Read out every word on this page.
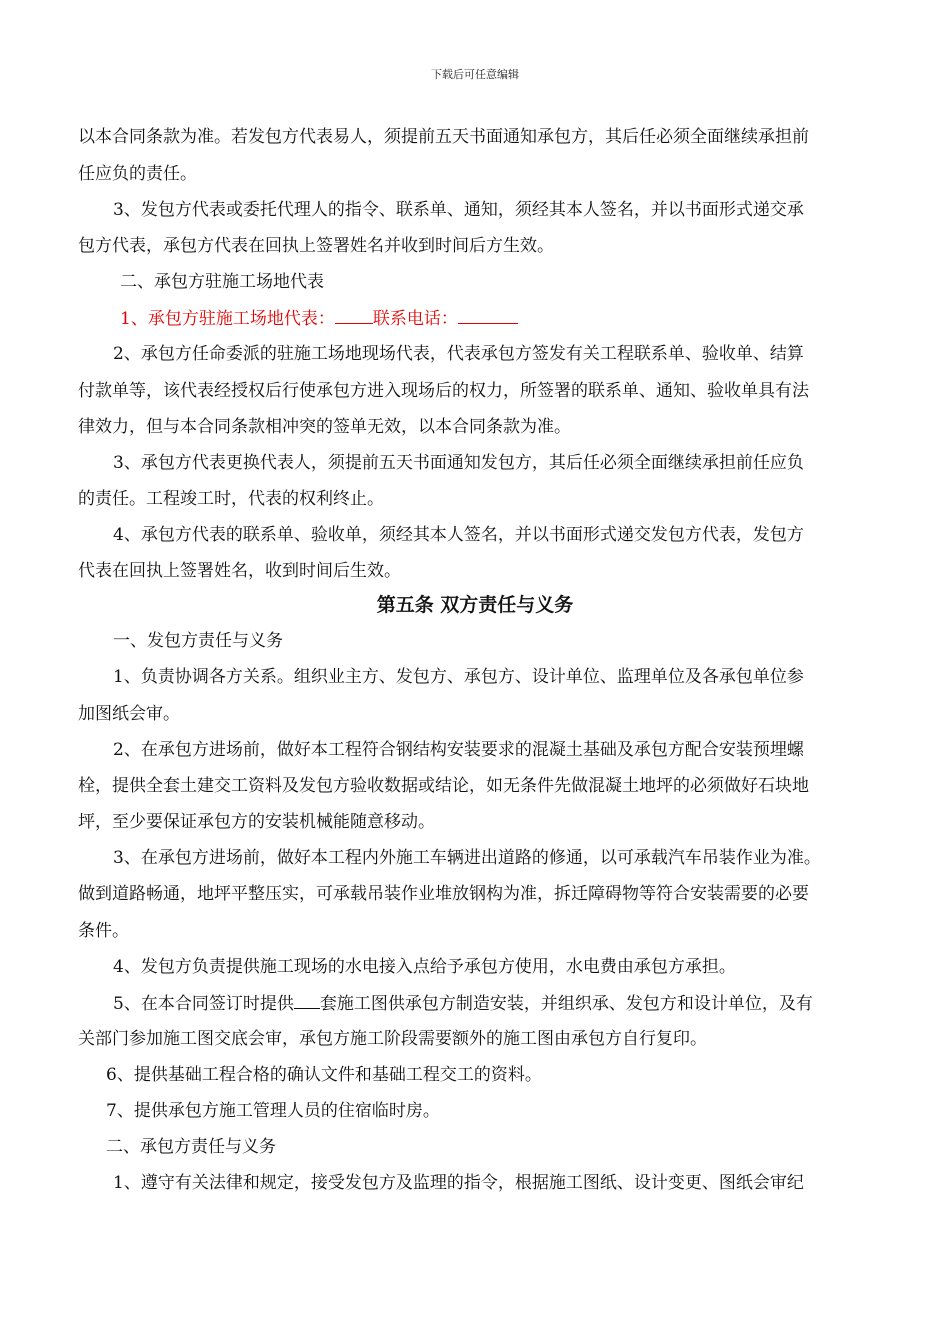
下载后可任意编辑
以本合同条款为准。若发包方代表易人，须提前五天书面通知承包方，其后任必须全面继续承担前
任应负的责任。
3、发包方代表或委托代理人的指令、联系单、通知，须经其本人签名，并以书面形式递交承
包方代表，承包方代表在回执上签署姓名并收到时间后方生效。
二、承包方驻施工场地代表
1、承包方驻施工场地代表： 联系电话：
2、承包方任命委派的驻施工场地现场代表，代表承包方签发有关工程联系单、验收单、结算
付款单等，该代表经授权后行使承包方进入现场后的权力，所签署的联系单、通知、验收单具有法
律效力，但与本合同条款相冲突的签单无效，以本合同条款为准。
3、承包方代表更换代表人，须提前五天书面通知发包方，其后任必须全面继续承担前任应负
的责任。工程竣工时，代表的权利终止。
4、承包方代表的联系单、验收单，须经其本人签名，并以书面形式递交发包方代表，发包方
代表在回执上签署姓名，收到时间后生效。
第五条 双方责任与义务
一、发包方责任与义务
1、负责协调各方关系。组织业主方、发包方、承包方、设计单位、监理单位及各承包单位参
加图纸会审。
2、在承包方进场前，做好本工程符合钢结构安装要求的混凝土基础及承包方配合安装预埋螺
栓，提供全套土建交工资料及发包方验收数据或结论，如无条件先做混凝土地坪的必须做好石块地
坪，至少要保证承包方的安装机械能随意移动。
3、在承包方进场前，做好本工程内外施工车辆进出道路的修通，以可承载汽车吊装作业为准。
做到道路畅通，地坪平整压实，可承载吊装作业堆放钢构为准，拆迁障碍物等符合安装需要的必要
条件。
4、发包方负责提供施工现场的水电接入点给予承包方使用，水电费由承包方承担。
5、在本合同签订时提供 套施工图供承包方制造安装，并组织承、发包方和设计单位，及有
关部门参加施工图交底会审，承包方施工阶段需要额外的施工图由承包方自行复印。
6、提供基础工程合格的确认文件和基础工程交工的资料。
7、提供承包方施工管理人员的住宿临时房。
二、承包方责任与义务
1、遵守有关法律和规定，接受发包方及监理的指令，根据施工图纸、设计变更、图纸会审纪
